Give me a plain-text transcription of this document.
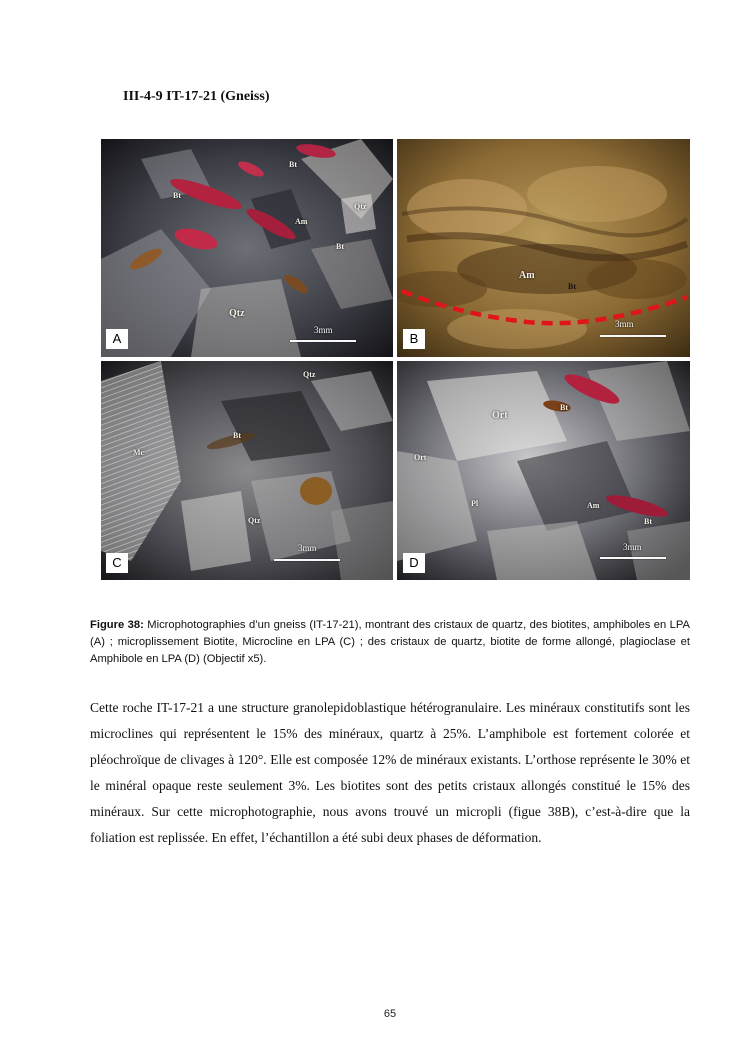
III-4-9 IT-17-21 (Gneiss)
Bt
Bt
Qtz
Am
Bt
Qtz
3mm
A
Am
Bt
3mm
B
Qtz
Bt
Mc
Qtz
3mm
C
Ort
Bt
Ort
Pl	Am
Bt
3mm
D
Figure 38: Microphotographies d’un gneiss (IT-17-21), montrant des cristaux de quartz, des biotites, amphiboles en LPA (A) ; microplissement Biotite, Microcline en LPA (C) ; des cristaux de quartz, biotite de forme allongé, plagioclase et Amphibole en LPA (D) (Objectif x5).

Cette roche IT-17-21 a une structure granolepidoblastique hétérogranulaire. Les minéraux constitutifs sont les microclines qui représentent le 15% des minéraux, quartz à 25%. L’amphibole est fortement colorée et pléochroïque de clivages à 120°. Elle est composée 12% de minéraux existants. L’orthose représente le 30% et le minéral opaque reste seulement 3%. Les biotites sont des petits cristaux allongés constitué le 15% des minéraux. Sur cette microphotographie, nous avons trouvé un micropli (figue 38B), c’est-à-dire que la foliation est replissée. En effet, l’échantillon a été subi deux phases de déformation.

65
